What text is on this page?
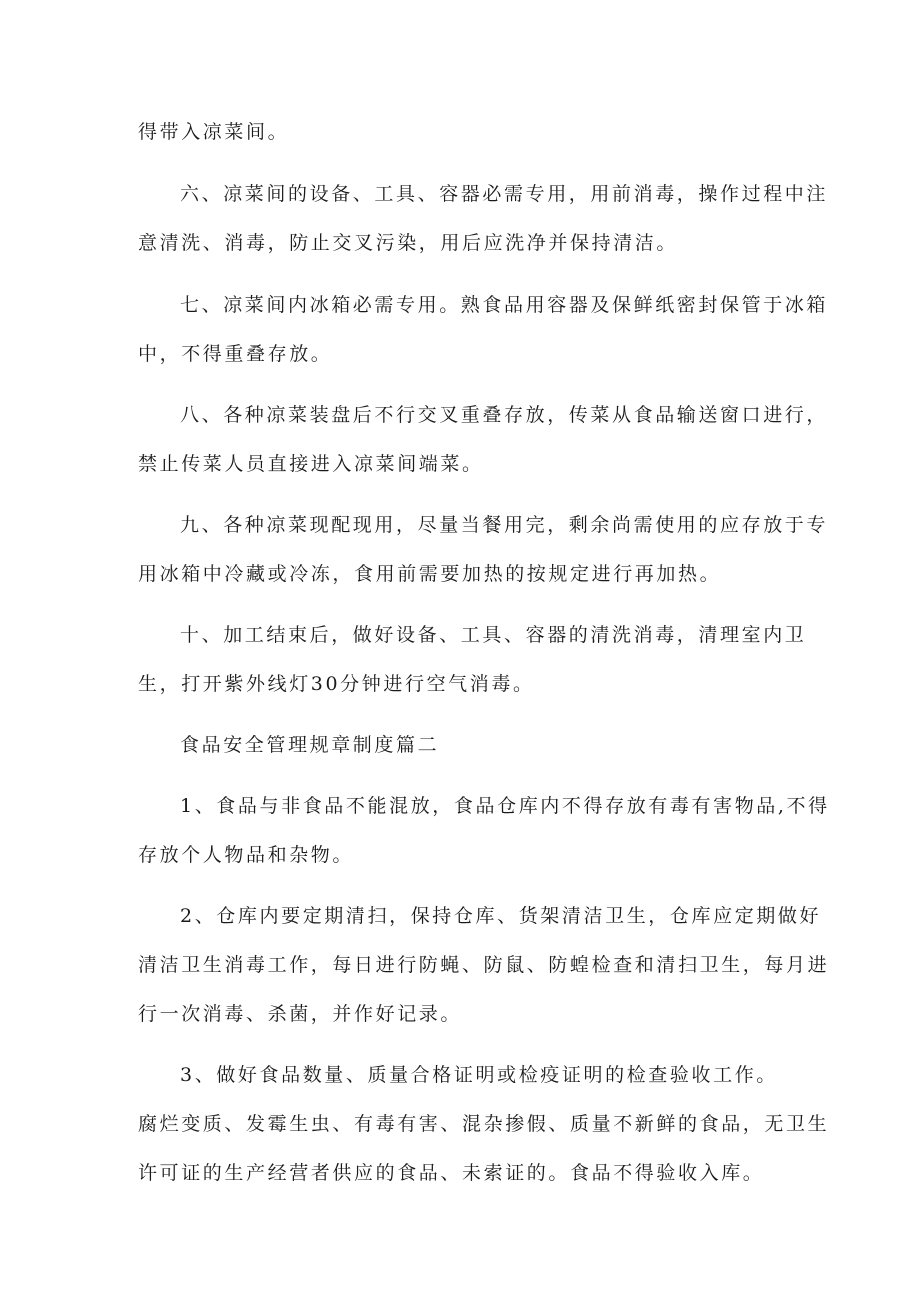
得带入凉菜间。
六、凉菜间的设备、工具、容器必需专用，用前消毒，操作过程中注
意清洗、消毒，防止交叉污染，用后应洗净并保持清洁。
七、凉菜间内冰箱必需专用。熟食品用容器及保鲜纸密封保管于冰箱
中，不得重叠存放。
八、各种凉菜装盘后不行交叉重叠存放，传菜从食品输送窗口进行，
禁止传菜人员直接进入凉菜间端菜。
九、各种凉菜现配现用，尽量当餐用完，剩余尚需使用的应存放于专
用冰箱中冷藏或冷冻，食用前需要加热的按规定进行再加热。
十、加工结束后，做好设备、工具、容器的清洗消毒，清理室内卫
生，打开紫外线灯30分钟进行空气消毒。
食品安全管理规章制度篇二
1、食品与非食品不能混放，食品仓库内不得存放有毒有害物品,不得
存放个人物品和杂物。
2、仓库内要定期清扫，保持仓库、货架清洁卫生，仓库应定期做好
清洁卫生消毒工作，每日进行防蝇、防鼠、防蝗检查和清扫卫生，每月进
行一次消毒、杀菌，并作好记录。
3、做好食品数量、质量合格证明或检疫证明的检查验收工作。
腐烂变质、发霉生虫、有毒有害、混杂掺假、质量不新鲜的食品，无卫生
许可证的生产经营者供应的食品、未索证的。食品不得验收入库。
